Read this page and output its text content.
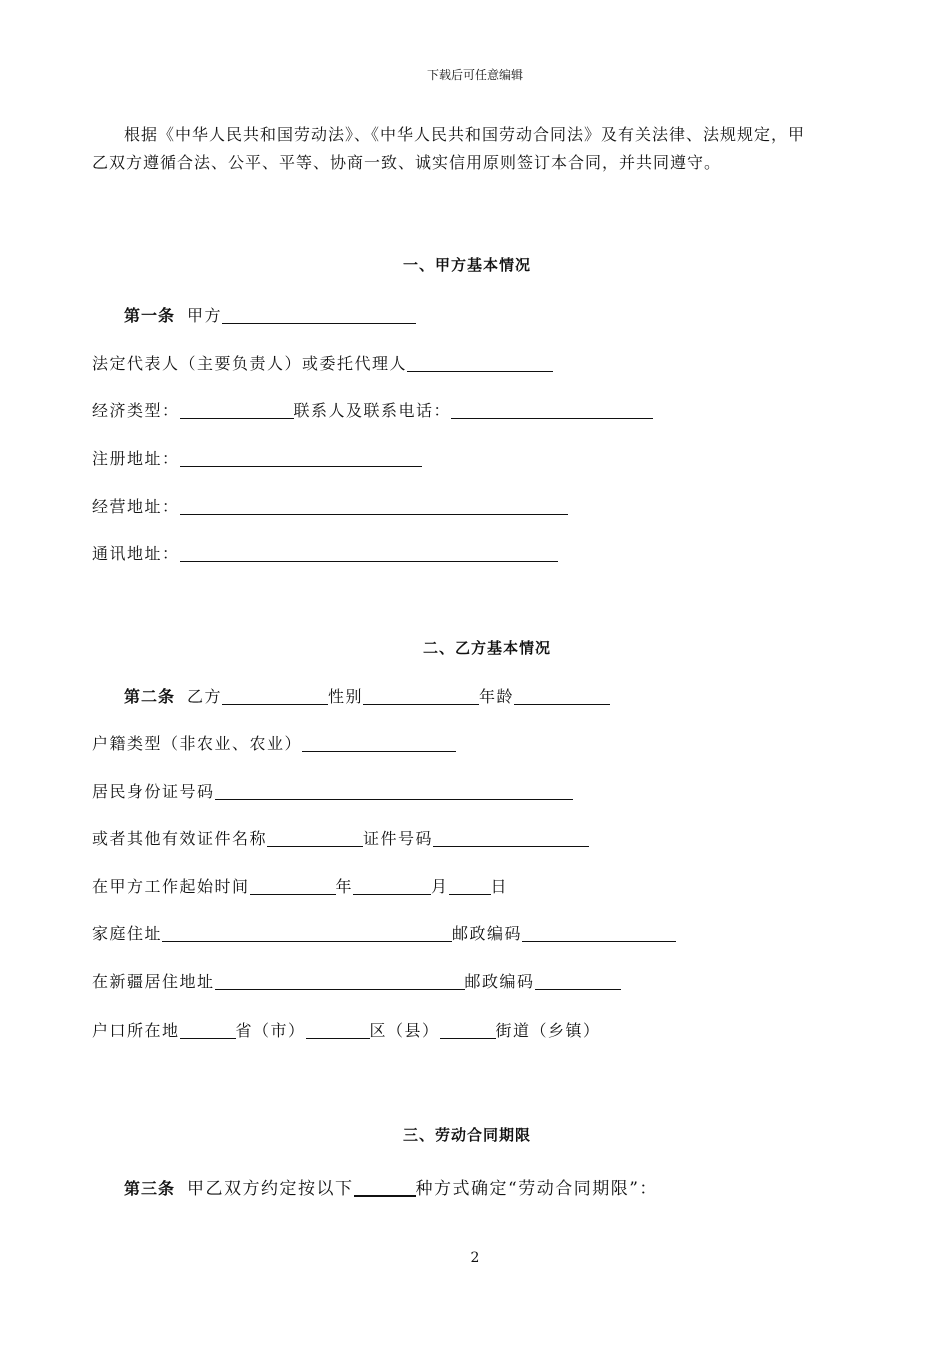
下载后可任意编辑
根据《中华人民共和国劳动法》、《中华人民共和国劳动合同法》及有关法律、法规规定，甲
乙双方遵循合法、公平、平等、协商一致、诚实信用原则签订本合同，并共同遵守。
一、甲方基本情况
第一条 甲方
法定代表人（主要负责人）或委托代理人
经济类型：	联系人及联系电话：
注册地址：
经营地址：
通讯地址：
二、乙方基本情况
第二条 乙方	性别	年龄
户籍类型（非农业、农业）
居民身份证号码
或者其他有效证件名称	证件号码
在甲方工作起始时间	年	月	日
家庭住址	邮政编码
在新疆居住地址	邮政编码
户口所在地	省（市）	区（县）	街道（乡镇）
三、劳动合同期限
第三条 甲乙双方约定按以下	种方式确定“劳动合同期限”：
2
